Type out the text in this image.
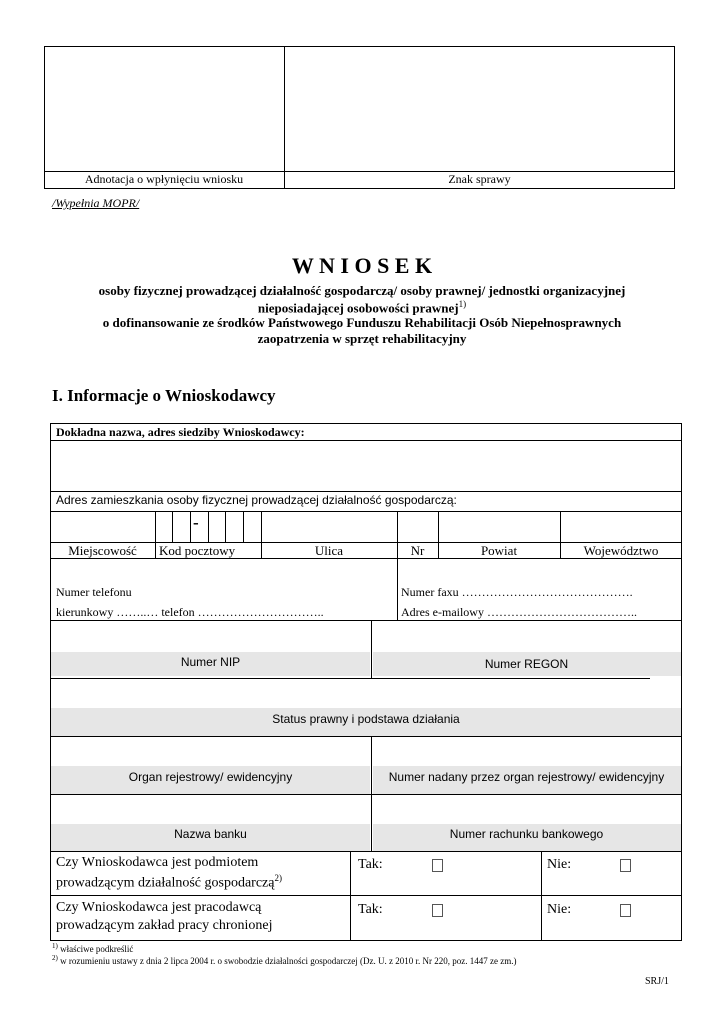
Adnotacja o wpłynięciu wniosku	Znak sprawy
/Wypełnia MOPR/
W N I O S E K
osoby fizycznej prowadzącej działalność gospodarczą/ osoby prawnej/ jednostki organizacyjnej
nieposiadającej osobowości prawnej$^{1)}$
o dofinansowanie ze środków Państwowego Funduszu Rehabilitacji Osób Niepełnosprawnych
zaopatrzenia w sprzęt rehabilitacyjny
I. Informacje o Wnioskodawcy
Dokładna nazwa, adres siedziby Wnioskodawcy:
Adres zamieszkania osoby fizycznej prowadzącej działalność gospodarczą:
-
Miejscowość	Kod pocztowy	Ulica	Nr	Powiat	Województwo
Numer telefonu
kierunkowy ……..… telefon …………………………..
Numer faxu …………………………………….
Adres e-mailowy ………………………………..
Numer NIP	Numer REGON
Status prawny i podstawa działania
Organ rejestrowy/ ewidencyjny	Numer nadany przez organ rejestrowy/ ewidencyjny
Nazwa banku	Numer rachunku bankowego
Czy Wnioskodawca jest podmiotem
prowadzącym działalność gospodarczą$^{2)}$
Tak:	Nie:
Czy Wnioskodawca jest pracodawcą
prowadzącym zakład pracy chronionej
Tak:	Nie:
$^{1)}$ właściwe podkreślić
$^{2)}$ w rozumieniu ustawy z dnia 2 lipca 2004 r. o swobodzie działalności gospodarczej (Dz. U. z 2010 r. Nr 220, poz. 1447 ze zm.)
SRJ/1
